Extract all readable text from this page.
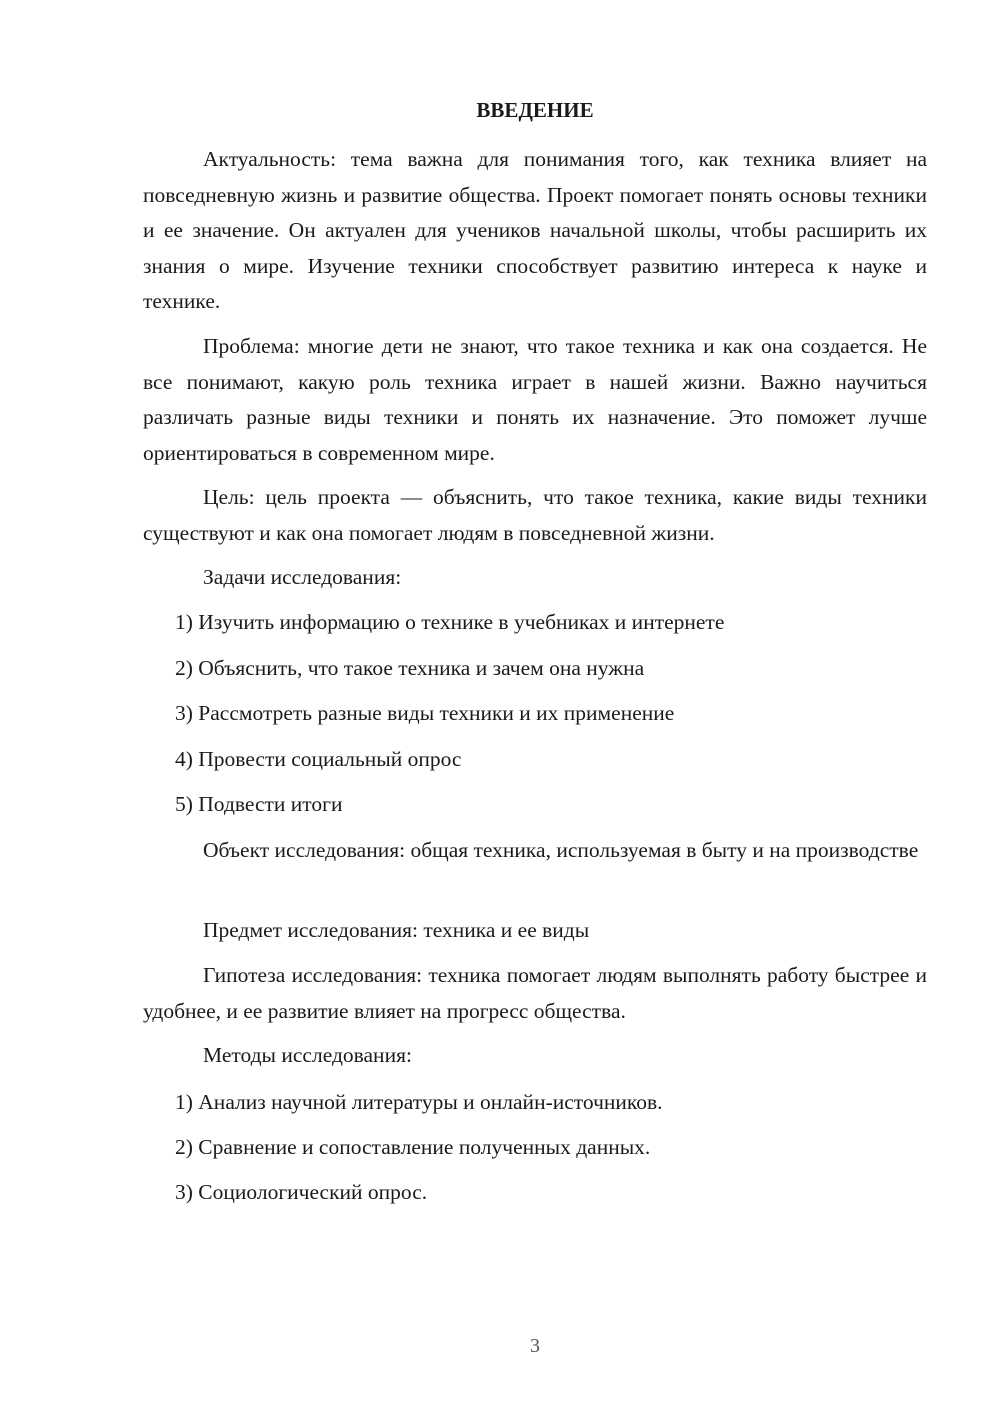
ВВЕДЕНИЕ

Актуальность: тема важна для понимания того, как техника влияет на повседневную жизнь и развитие общества. Проект помогает понять основы техники и ее значение. Он актуален для учеников начальной школы, чтобы расширить их знания о мире. Изучение техники способствует развитию интереса к науке и технике.

Проблема: многие дети не знают, что такое техника и как она создается. Не все понимают, какую роль техника играет в нашей жизни. Важно научиться различать разные виды техники и понять их назначение. Это поможет лучше ориентироваться в современном мире.

Цель: цель проекта — объяснить, что такое техника, какие виды техники существуют и как она помогает людям в повседневной жизни.

Задачи исследования:

1) Изучить информацию о технике в учебниках и интернете

2) Объяснить, что такое техника и зачем она нужна

3) Рассмотреть разные виды техники и их применение

4) Провести социальный опрос

5) Подвести итоги

Объект исследования: общая техника, используемая в быту и на производстве

Предмет исследования: техника и ее виды

Гипотеза исследования: техника помогает людям выполнять работу быстрее и удобнее, и ее развитие влияет на прогресс общества.

Методы исследования:

1) Анализ научной литературы и онлайн-источников.

2) Сравнение и сопоставление полученных данных.

3) Социологический опрос.

3
